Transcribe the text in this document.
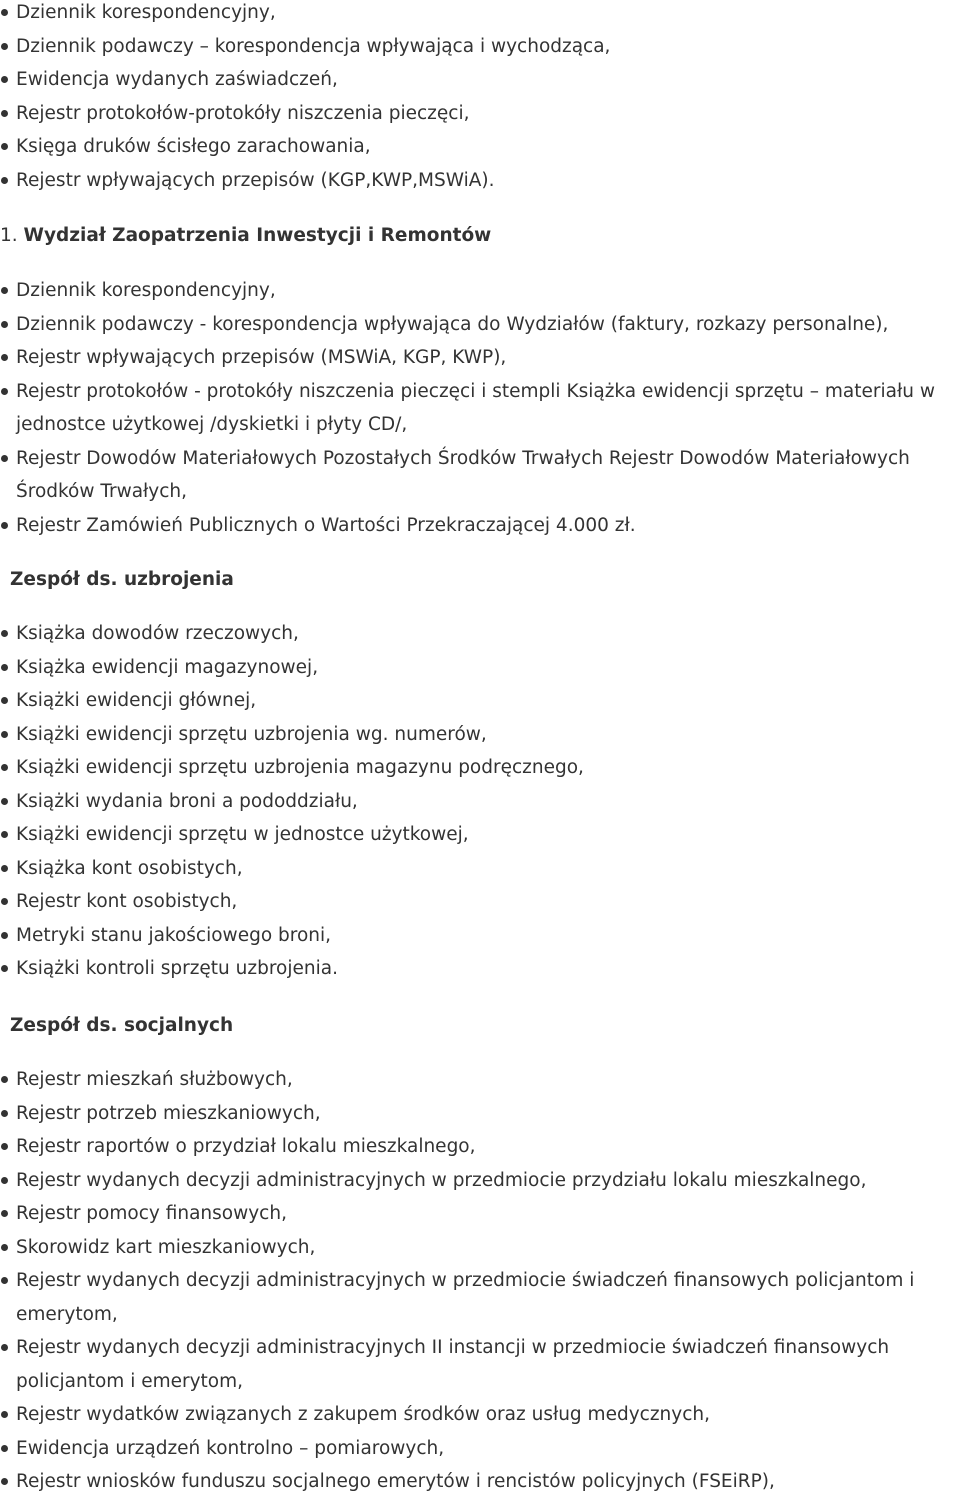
Dziennik korespondencyjny,
Dziennik podawczy – korespondencja wpływająca i wychodząca,
Ewidencja wydanych zaświadczeń,
Rejestr protokołów-protokóły niszczenia pieczęci,
Księga druków ścisłego zarachowania,
Rejestr wpływających przepisów (KGP,KWP,MSWiA).
1. Wydział Zaopatrzenia Inwestycji i Remontów
Dziennik korespondencyjny,
Dziennik podawczy - korespondencja wpływająca do Wydziałów (faktury, rozkazy personalne),
Rejestr wpływających przepisów (MSWiA, KGP, KWP),
Rejestr protokołów - protokóły niszczenia pieczęci i stempli Książka ewidencji sprzętu – materiału w jednostce użytkowej /dyskietki i płyty CD/,
Rejestr Dowodów Materiałowych Pozostałych Środków Trwałych Rejestr Dowodów Materiałowych Środków Trwałych,
Rejestr Zamówień Publicznych o Wartości Przekraczającej 4.000 zł.
Zespół ds. uzbrojenia
Książka dowodów rzeczowych,
Książka ewidencji magazynowej,
Książki ewidencji głównej,
Książki ewidencji sprzętu uzbrojenia wg. numerów,
Książki ewidencji sprzętu uzbrojenia magazynu podręcznego,
Książki wydania broni a pododdziału,
Książki ewidencji sprzętu w jednostce użytkowej,
Książka kont osobistych,
Rejestr kont osobistych,
Metryki stanu jakościowego broni,
Książki kontroli sprzętu uzbrojenia.
Zespół ds. socjalnych
Rejestr mieszkań służbowych,
Rejestr potrzeb mieszkaniowych,
Rejestr raportów o przydział lokalu mieszkalnego,
Rejestr wydanych decyzji administracyjnych w przedmiocie przydziału lokalu mieszkalnego,
Rejestr pomocy finansowych,
Skorowidz kart mieszkaniowych,
Rejestr wydanych decyzji administracyjnych w przedmiocie świadczeń finansowych policjantom i emerytom,
Rejestr wydanych decyzji administracyjnych II instancji w przedmiocie świadczeń finansowych policjantom i emerytom,
Rejestr wydatków związanych z zakupem środków oraz usług medycznych,
Ewidencja urządzeń kontrolno – pomiarowych,
Rejestr wniosków funduszu socjalnego emerytów i rencistów policyjnych (FSEiRP),
